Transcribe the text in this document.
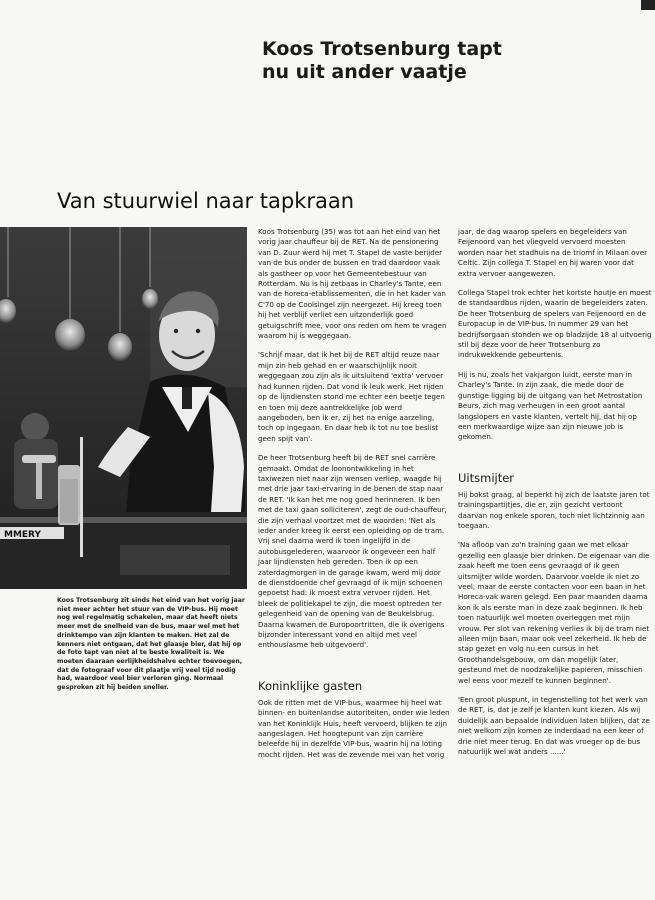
Koos Trotsenburg tapt
nu uit ander vaatje
Van stuurwiel naar tapkraan
MMERY

Koos Trotsenburg zit sinds het eind van het vorig jaar niet meer achter het stuur van de VIP-bus. Hij moet nog wel regelmatig schakelen, maar dat heeft niets meer met de snelheid van de bus, maar wel met het drinktempo van zijn klanten te maken. Het zal de kenners niet ontgaan, dat het glaasje bier, dat hij op de foto tapt van niet al te beste kwaliteit is. We moeten daaraan eerlijkheidshalve echter toevoegen, dat de fotograaf voor dit plaatje vrij veel tijd nodig had, waardoor veel bier verloren ging. Normaal gesproken zit hij beiden sneller.

Koos Trotsenburg (35) was tot aan het eind van het vorig jaar chauffeur bij de RET. Na de pensionering van D. Zuur werd hij met T. Stapel de vaste berijder van de bus onder de bussen en trad daardoor vaak als gastheer op voor het Gemeentebestuur van Rotterdam. Nu is hij zetbaas in Charley's Tante, een van de horeca-etablissementen, die in het kader van C'70 op de Coolsingel zijn neergezet. Hij kreeg toen hij het verblijf verliet een uitzonderlijk goed getuigschrift mee, voor ons reden om hem te vragen waarom hij is weggegaan.

'Schrijf maar, dat ik het bij de RET altijd reuze naar mijn zin heb gehad en er waarschijnlijk nooit weggegaan zou zijn als ik uitsluitend 'extra' vervoer had kunnen rijden. Dat vond ik leuk werk. Het rijden op de lijndiensten stond me echter een beetje tegen en toen mij deze aantrekkelijke job werd aangeboden, ben ik er, zij het na enige aarzeling, toch op ingegaan. En daar heb ik tot nu toe beslist geen spijt van'.

De heer Trotsenburg heeft bij de RET snel carrière gemaakt. Omdat de loonontwikkeling in het taxiwezen niet naar zijn wensen verliep, waagde hij met drie jaar taxi-ervaring in de benen de stap naar de RET. 'Ik kan het me nog goed herinneren. Ik ben met de taxi gaan solliciteren', zegt de oud-chauffeur, die zijn verhaal voortzet met de woorden: 'Net als ieder ander kreeg ik eerst een opleiding op de tram. Vrij snel daarna werd ik toen ingelijfd in de autobusgelederen, waarvoor ik ongeveer een half jaar lijndiensten heb gereden. Toen ik op een zaterdagmorgen in de garage kwam, werd mij door de dienstdoende chef gevraagd of ik mijn schoenen gepoetst had: ik moest extra vervoer rijden. Het bleek de politiekapel te zijn, die moest optreden ter gelegenheid van de opening van de Beukelsbrug. Daarna kwamen de Europoortritten, die ik overigens bijzonder interessant vond en altijd met veel enthousiasme heb uitgevoerd'.

Koninklijke gasten

Ook de ritten met de VIP-bus, waarmee hij heel wat binnen- en buitenlandse autoriteiten, onder wie leden van het Koninklijk Huis, heeft vervoerd, blijken te zijn aangeslagen. Het hoogtepunt van zijn carrière beleefde hij in dezelfde VIP-bus, waarin hij na loting mocht rijden. Het was de zevende mei van het vorig

jaar, de dag waarop spelers en begeleiders van Feijenoord van het vliegveld vervoerd moesten worden naar het stadhuis na de triomf in Milaan over Celtic. Zijn collega T. Stapel en hij waren voor dat extra vervoer aangewezen.

Collega Stapel trok echter het kortste houtje en moest de standaardbus rijden, waarin de begeleiders zaten. De heer Trotsenburg de spelers van Feijenoord en de Europacup in de VIP-bus. In nummer 29 van het bedrijfsorgaan stonden we op bladzijde 18 al uitvoerig stil bij deze voor de heer Trotsenburg zo indrukwekkende gebeurtenis.

Hij is nu, zoals het vakjargon luidt, eerste man in Charley's Tante. In zijn zaak, die mede door de gunstige ligging bij de uitgang van het Metrostation Beurs, zich mag verheugen in een groot aantal langslopers en vaste klanten, vertelt hij, dat hij op een merkwaardige wijze aan zijn nieuwe job is gekomen.

Uitsmijter

Hij bokst graag, al beperkt hij zich de laatste jaren tot trainingspartijtjes, die er, zijn gezicht vertoont daarvan nog enkele sporen, toch niet lichtzinnig aan toegaan.

'Na afloop van zo'n training gaan we met elkaar gezellig een glaasje bier drinken. De eigenaar van die zaak heeft me toen eens gevraagd of ik geen uitsmijter wilde worden. Daarvoor voelde ik niet zo veel, maar de eerste contacten voor een baan in het Horeca-vak waren gelegd. Een paar maanden daarna kon ik als eerste man in deze zaak beginnen. Ik heb toen natuurlijk wel moeten overleggen met mijn vrouw. Per slot van rekening verlies ik bij de tram niet alleen mijn baan, maar ook veel zekerheid. Ik heb de stap gezet en volg nu een cursus in het Groothandelsgebouw, om dan mogelijk later, gesteund met de noodzakelijke papieren, misschien wel eens voor mezelf te kunnen beginnen'.

'Een groot pluspunt, in tegenstelling tot het werk van de RET, is, dat je zelf je klanten kunt kiezen. Als wij duidelijk aan bepaalde individuen laten blijken, dat ze niet welkom zijn komen ze inderdaad na een keer of drie niet meer terug. En dat was vroeger op de bus natuurlijk wel wat anders ......'
